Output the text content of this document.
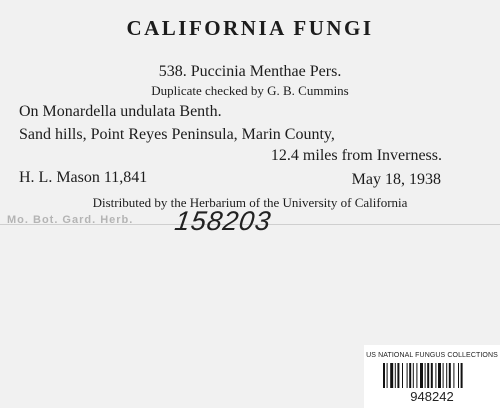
CALIFORNIA FUNGI
538. Puccinia Menthae Pers.
Duplicate checked by G. B. Cummins
On Monardella undulata Benth.
Sand hills, Point Reyes Peninsula, Marin County,
12.4 miles from Inverness.
H. L. Mason 11,841	May 18, 1938
Distributed by the Herbarium of the University of California
Mo. Bot. Gard. Herb. 158203
US NATIONAL FUNGUS COLLECTIONS
948242
